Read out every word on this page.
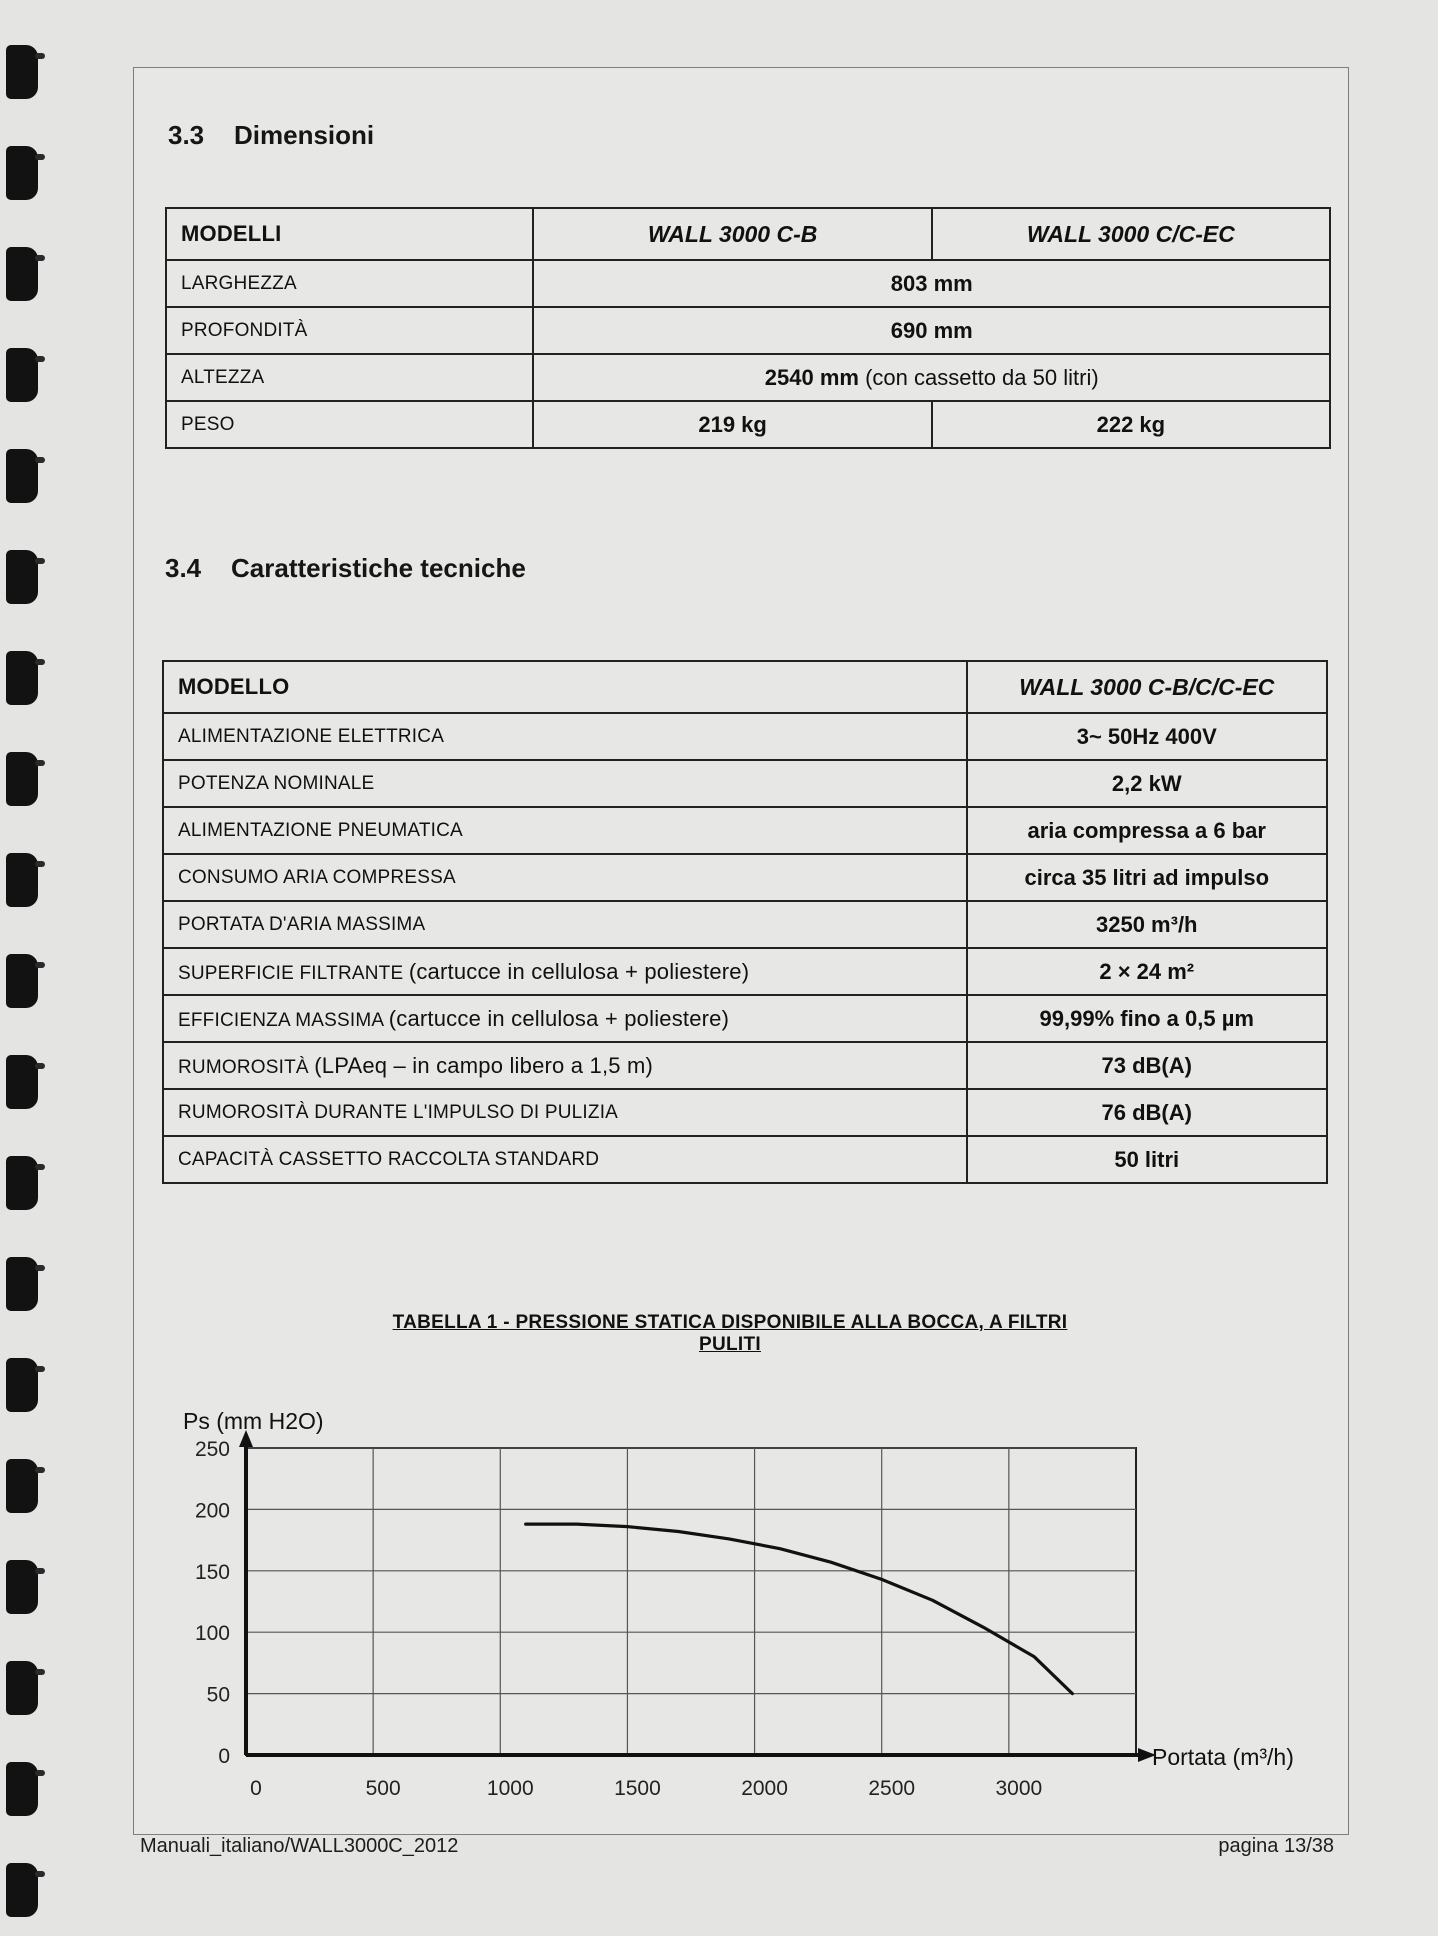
3.3 Dimensioni
MODELLI	WALL 3000 C-B	WALL 3000 C/C-EC
LARGHEZZA	803 mm	
PROFONDITÀ	690 mm	
ALTEZZA	2540 mm (con cassetto da 50 litri)	
PESO	219 kg	222 kg
3.4 Caratteristiche tecniche
MODELLO	WALL 3000 C-B/C/C-EC
ALIMENTAZIONE ELETTRICA	3~ 50Hz 400V
POTENZA NOMINALE	2,2 kW
ALIMENTAZIONE PNEUMATICA	aria compressa a 6 bar
CONSUMO ARIA COMPRESSA	circa 35 litri ad impulso
PORTATA D'ARIA MASSIMA	3250 m³/h
SUPERFICIE FILTRANTE (cartucce in cellulosa + poliestere)	2 × 24 m²
EFFICIENZA MASSIMA (cartucce in cellulosa + poliestere)	99,99% fino a 0,5 µm
RUMOROSITÀ (LPAeq – in campo libero a 1,5 m)	73 dB(A)
RUMOROSITÀ DURANTE L'IMPULSO DI PULIZIA	76 dB(A)
CAPACITÀ CASSETTO RACCOLTA STANDARD	50 litri
TABELLA 1 - PRESSIONE STATICA DISPONIBILE ALLA BOCCA, A FILTRI PULITI
0	500	1000	1500	2000	2500	3000
0
50
100
150
200
250
Ps (mm H2O)
Portata (m³/h)
Manuali_italiano/WALL3000C_2012	pagina 13/38
